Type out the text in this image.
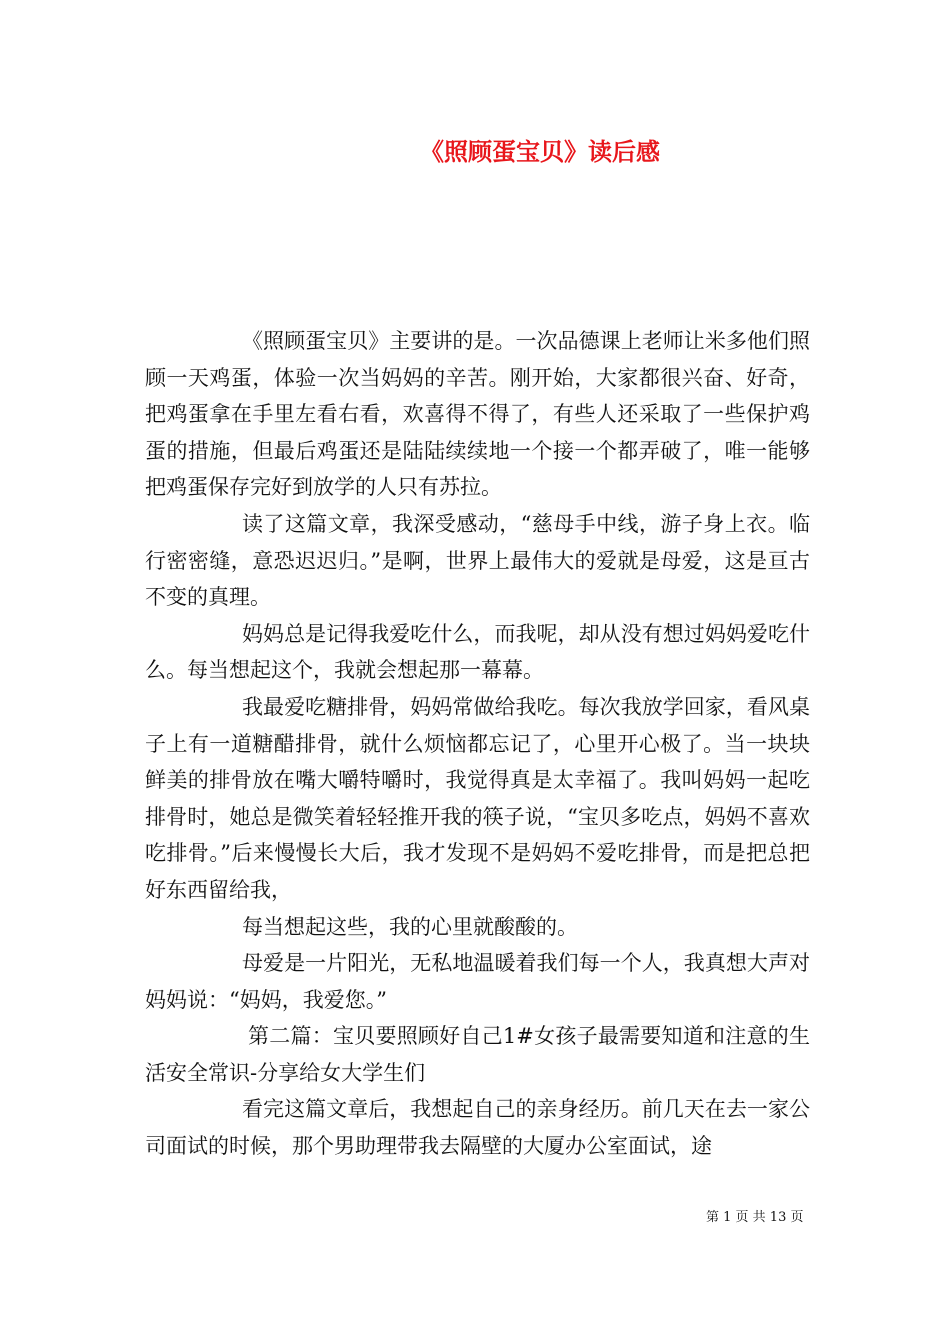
《照顾蛋宝贝》读后感

《照顾蛋宝贝》主要讲的是。一次品德课上老师让米多他们照顾一天鸡蛋，体验一次当妈妈的辛苦。刚开始，大家都很兴奋、好奇，把鸡蛋拿在手里左看右看，欢喜得不得了，有些人还采取了一些保护鸡蛋的措施，但最后鸡蛋还是陆陆续续地一个接一个都弄破了，唯一能够把鸡蛋保存完好到放学的人只有苏拉。

读了这篇文章，我深受感动，“慈母手中线，游子身上衣。临行密密缝，意恐迟迟归。”是啊，世界上最伟大的爱就是母爱，这是亘古不变的真理。

妈妈总是记得我爱吃什么，而我呢，却从没有想过妈妈爱吃什么。每当想起这个，我就会想起那一幕幕。

我最爱吃糖排骨，妈妈常做给我吃。每次我放学回家，看风桌子上有一道糖醋排骨，就什么烦恼都忘记了，心里开心极了。当一块块鲜美的排骨放在嘴大嚼特嚼时，我觉得真是太幸福了。我叫妈妈一起吃排骨时，她总是微笑着轻轻推开我的筷子说，“宝贝多吃点，妈妈不喜欢吃排骨。”后来慢慢长大后，我才发现不是妈妈不爱吃排骨，而是把总把好东西留给我，

每当想起这些，我的心里就酸酸的。

母爱是一片阳光，无私地温暖着我们每一个人，我真想大声对妈妈说：“妈妈，我爱您。”

第二篇：宝贝要照顾好自己1#女孩子最需要知道和注意的生活安全常识-分享给女大学生们

看完这篇文章后，我想起自己的亲身经历。前几天在去一家公司面试的时候，那个男助理带我去隔壁的大厦办公室面试，途

第 1 页 共 13 页
